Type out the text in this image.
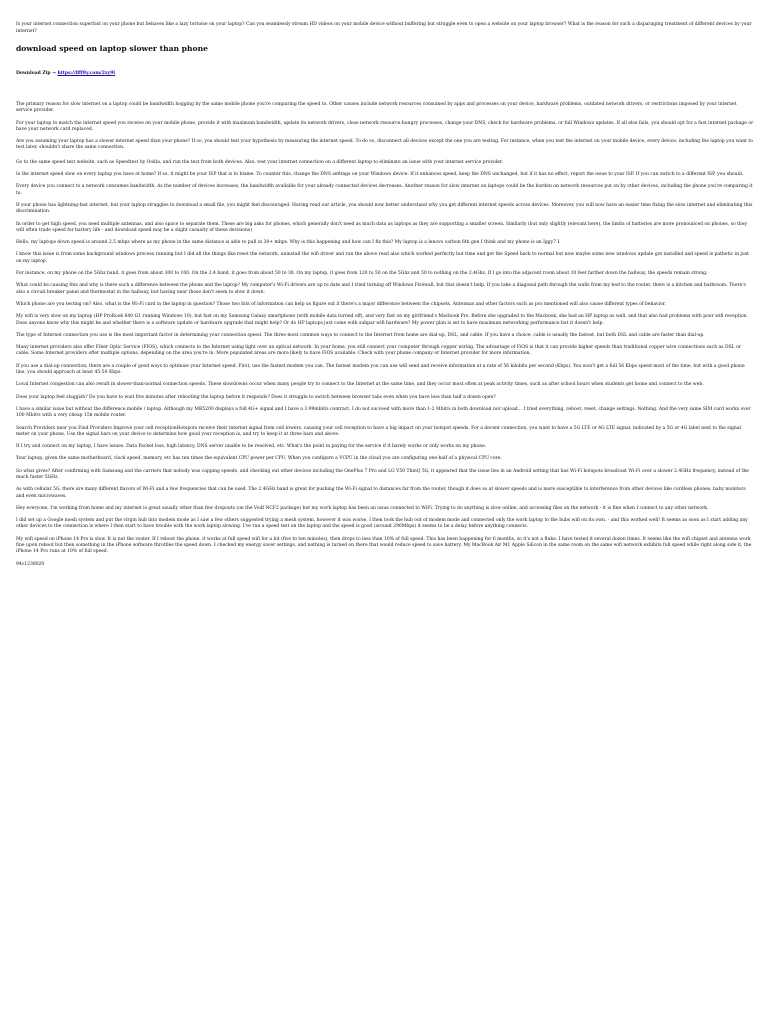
Is your internet connection superfast on your phone but behaves like a lazy tortoise on your laptop? Can you seamlessly stream HD videos on your mobile device without buffering but struggle even to open a website on your laptop browser? What is the reason for such a disparaging treatment of different devices by your internet?

download speed on laptop slower than phone
Download Zip → https://lfff8y.com/2xy9i

The primary reason for slow internet on a laptop could be bandwidth hogging by the same mobile phone you're comparing the speed to. Other causes include network resources consumed by apps and processes on your device, hardware problems, outdated network drivers, or restrictions imposed by your internet service provider.

For your laptop to match the internet speed you receive on your mobile phone, provide it with maximum bandwidth, update its network drivers, close network resource-hungry processes, change your DNS, check for hardware problems, or full Windows updates. If all else fails, you should opt for a fast internet package or have your network card replaced.

Are you assuming your laptop has a slower internet speed than your phone? If so, you should test your hypothesis by measuring the internet speed. To do so, disconnect all devices except the one you are testing. For instance, when you test the internet on your mobile device, every device, including the laptop you want to test later, shouldn't share the same connection.

Go to the same speed test website, such as Speedtest by Ookla, and run the test from both devices. Also, test your internet connection on a different laptop to eliminate an issue with your internet service provider.

Is the internet speed slow on every laptop you have at home? If so, it might be your ISP that is to blame. To counter this, change the DNS settings on your Windows device. If it enhances speed, keep the DNS unchanged, but if it has no effect, report the issue to your ISP. If you can switch to a different ISP, you should.

Every device you connect to a network consumes bandwidth. As the number of devices increases, the bandwidth available for your already connected devices decreases. Another reason for slow internet on laptops could be the burden on network resources put on by other devices, including the phone you're comparing it to.

If your phone has lightning-fast internet, but your laptop struggles to download a small file, you might feel discouraged. Having read our article, you should now better understand why you get different internet speeds across devices. Moreover, you will now have an easier time fixing the slow internet and eliminating this discrimination.

In order to get high speed, you need multiple antennas, and also space to separate them. These are big asks for phones, which generally don't need as much data as laptops as they are supporting a smaller screen. Similarly (but only slightly relevant here), the limits of batteries are more pronounced on phones, so they will often trade speed for battery life - and download speed may be a slight casualty of these decisions)

Hello, my laptops down speed is around 2.5 mbps where as my phone in the same distance is able to pull in 30+ mbps. Why is this happening and how can I fix this? My laptop is a lenovo carbon 6th gen I think and my phone is an Iggy7 I.

I know this issue is from some background windows process running but I did all the things like reset the network, uninstall the wifi driver and run the above read also which worked perfectly but time and get the Speed back to normal but now maybe some new windows update got installed and speed is pathetic in just on my laptop.

For instance, on my phone on the 5Ghz band, it goes from about 300 to 100. On the 2.4 band, it goes from about 50 to 30. On my laptop, it goes from 120 to 50 on the 5Ghz and 50 to nothing on the 2.4Ghz. If I go into the adjacent room about 10 feet farther down the hallway, the speeds remain strong.

What could be causing this and why is there such a difference between the phone and the laptop? My computer's Wi-Fi drivers are up to date and I tried turning off Windows Firewall, but that doesn't help. If you take a diagonal path through the walls from my bed to the router, there is a kitchen and bathroom. There's also a circuit breaker panel and thermostat in the hallway, but having near those don't seem to slow it down.

Which phone are you testing on? Also, what is the Wi-Fi card in the laptop in question? Those two bits of information can help us figure out if there's a major difference between the chipsets. Antennas and other factors such as pcs mentioned will also cause different types of behavior.

My wifi is very slow on my laptop (HP ProBook 640 G1 running Windows 10), but fast on my Samsung Galaxy smartphone (with mobile data turned off), and very fast on my girlfriend's Macbook Pro. Before she upgraded to the Macbook, she had an HP laptop as well, and that also had problems with poor wifi reception. Does anyone know why this might be and whether there is a software update or hardware upgrade that might help? Or do HP laptops just come with subpar wifi hardware? My power plan is set to have maximum networking performance but it doesn't help.

The type of Internet connection you use is the most important factor in determining your connection speed. The three most common ways to connect to the Internet from home are dial-up, DSL, and cable. If you have a choice, cable is usually the fastest, but both DSL and cable are faster than dial-up.

Many internet providers also offer Fiber Optic Service (FIOS), which connects to the Internet using light over an optical network. In your home, you still connect your computer through copper wiring. The advantage of FiOS is that it can provide higher speeds than traditional copper wire connections such as DSL or cable. Some Internet providers offer multiple options, depending on the area you're in. More populated areas are more likely to have FiOS available. Check with your phone company or Internet provider for more information.

If you use a dial-up connection, there are a couple of good ways to optimize your Internet speed. First, use the fastest modem you can. The fastest modem you can use will send and receive information at a rate of 56 kilobits per second (Kbps). You won't get a full 56 Kbps speed most of the time, but with a good phone line, you should approach at least 45-50 Kbps.

Local Internet congestion can also result in slower-than-normal connection speeds. These slowdowns occur when many people try to connect to the Internet at the same time, and they occur most often at peak activity times, such as after school hours when students get home and connect to the web.

Does your laptop feel sluggish? Do you have to wait five minutes after rebooting the laptop before it responds? Does it struggle to switch between browser tabs even when you have less than half a dozen open?

I have a similar issue but without the difference mobile / laptop. Although my MR5200 displays a full 4G+ signal and I have a 3.99mbit/s contract, I do not succeed with more than 1-2 Mbit/s in both download nor upload... I tried everything, reboot, reset, change settings. Nothing. And the very same SIM card works over 100 Mbit/s with a very cheap 15$ mobile router.

Search Providers near you Find Providers Improve your cell receptionHotspots receive their internet signal from cell towers, causing your cell reception to have a big impact on your hotspot speeds. For a decent connection, you want to have a 5G LTE or 4G LTE signal, indicated by a 5G or 4G label next to the signal meter on your phone. Use the signal bars on your device to determine how good your reception is, and try to keep it at three bars and above.

If I try and connect on my laptop, I have issues. Data Packet loss, high latency, DNS server unable to be resolved, etc. What's the point in paying for the service if it barely works or only works on my phone.

Your laptop, given the same motherboard, clock speed, memory, etc has ten times the equivalent CPU power per CPU. When you configure a VCPU in the cloud you are configuring one-half of a physical CPU core.

So what gives? After confirming with Samsung and the carriers that nobody was capping speeds, and checking out other devices including the OnePlus 7 Pro and LG V50 ThinQ 5G, it appeared that the issue lies in an Android setting that has Wi-Fi hotspots broadcast Wi-Fi over a slower 2.4GHz frequency, instead of the much faster 5GHz.

As with cellular 5G, there are many different flavors of Wi-Fi and a few frequencies that can be used. The 2.4GHz band is great for pushing the Wi-Fi signal to distances far from the router, though it does so at slower speeds and is more susceptible to interference from other devices like cordless phones, baby monitors and even microwaves.

Hey everyone, I'm working from home and my internet is great usually other than few dropouts (on the Vodf NCF2 package) but my work laptop has been an issue connected to WiFi. Trying to do anything is slow online, and accessing files on the network - it is fine when I connect to any other network.

I did set up a Google mesh system and put the virgin hub into modem mode as I saw a few others suggested trying a mesh system, however it was worse. I then took the hub out of modem mode and connected only the work laptop to the hubs wifi on its own. - and this worked well! It seems as soon as I start adding any other devices to the connection is where I then start to have trouble with the work laptop slowing. I've run a speed test on the laptop and the speed is good (around 290Mbps) it seems to be a delay before anything connects.

My wifi speed on iPhone 14 Pro is slow. It is not the router. If I reboot the phone, it works at full speed wifi for a bit (five to ten minutes), then drops to less than 10% of full speed. This has been happening for 6 months, so it's not a fluke. I have tested it several dozen times. It seems like the wifi chipset and antenna work fine upon reboot but then something in the iPhone software throttles the speed down. I checked my energy saver settings, and nothing is turned on there that would reduce speed to save battery. My MacBook Air M1 Apple Silicon in the same room on the same wifi network exhibits full speed while right along side it, the iPhone 14 Pro runs at 10% of full speed.

94c1238020
